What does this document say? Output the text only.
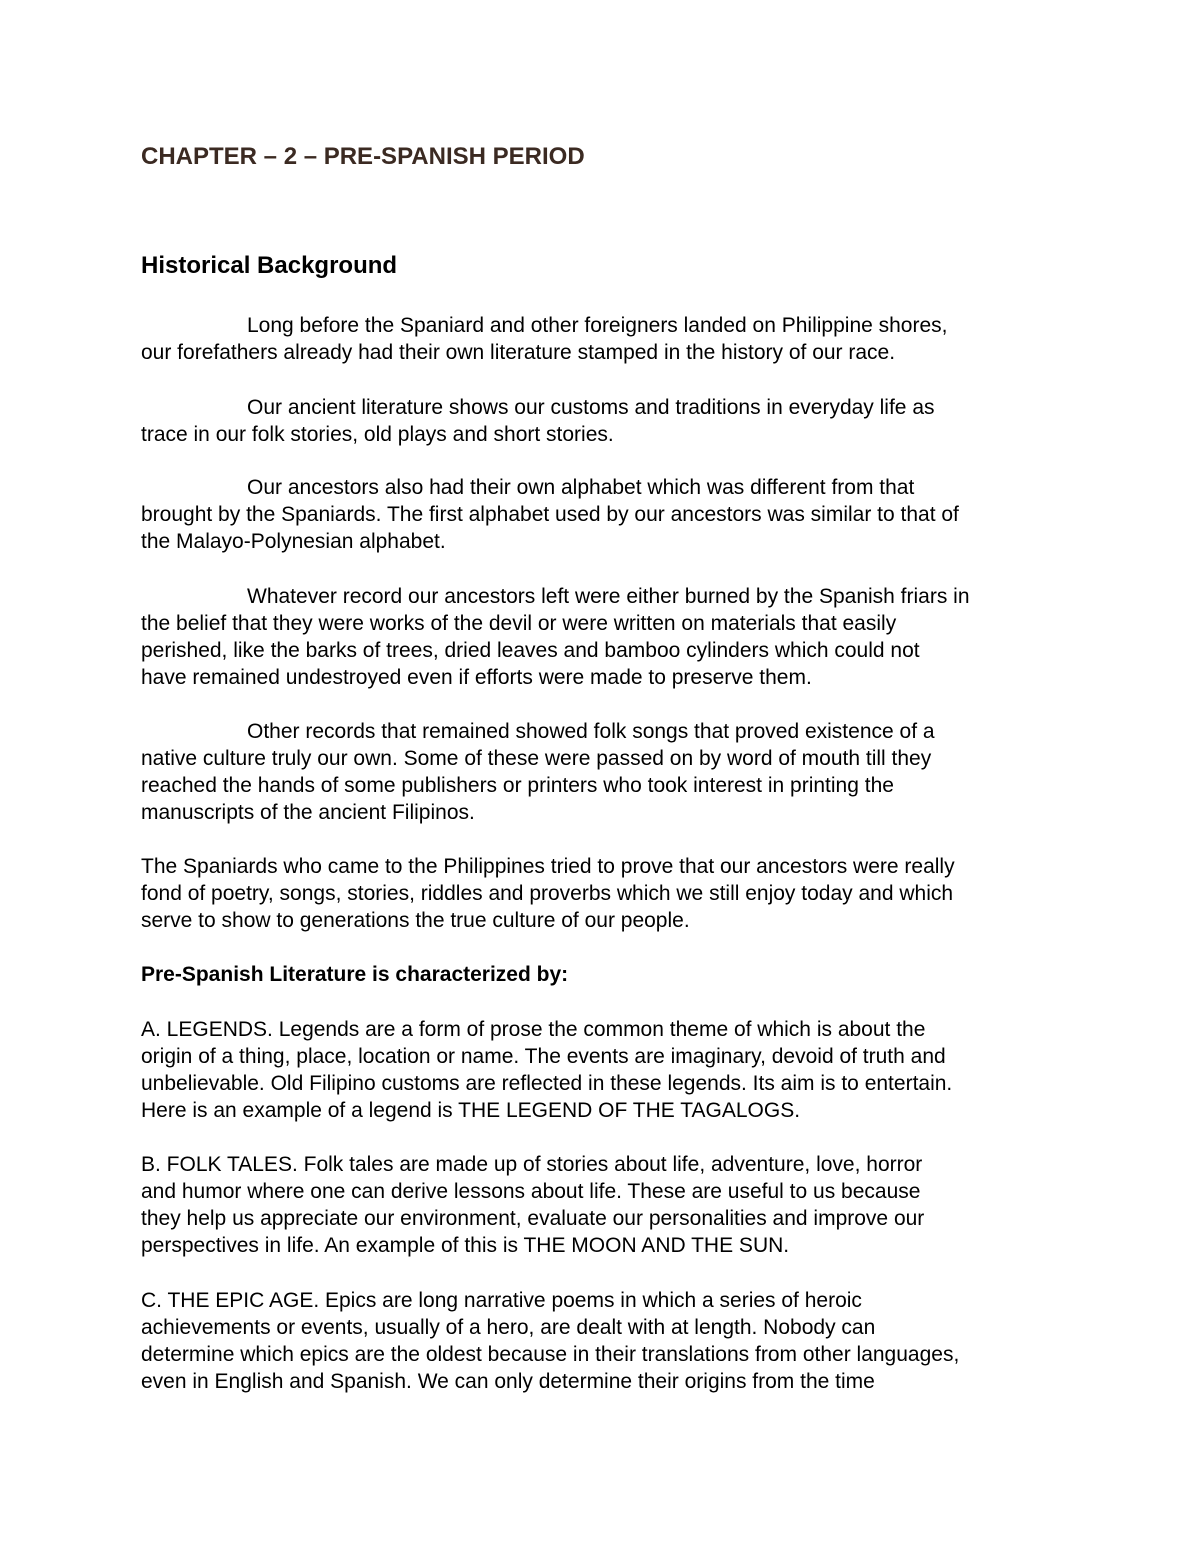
CHAPTER – 2 – PRE-SPANISH PERIOD
Historical Background

Long before the Spaniard and other foreigners landed on Philippine shores,
our forefathers already had their own literature stamped in the history of our race.

Our ancient literature shows our customs and traditions in everyday life as
trace in our folk stories, old plays and short stories.

Our ancestors also had their own alphabet which was different from that
brought by the Spaniards. The first alphabet used by our ancestors was similar to that of
the Malayo-Polynesian alphabet.

Whatever record our ancestors left were either burned by the Spanish friars in
the belief that they were works of the devil or were written on materials that easily
perished, like the barks of trees, dried leaves and bamboo cylinders which could not
have remained undestroyed even if efforts were made to preserve them.

Other records that remained showed folk songs that proved existence of a
native culture truly our own. Some of these were passed on by word of mouth till they
reached the hands of some publishers or printers who took interest in printing the
manuscripts of the ancient Filipinos.

The Spaniards who came to the Philippines tried to prove that our ancestors were really
fond of poetry, songs, stories, riddles and proverbs which we still enjoy today and which
serve to show to generations the true culture of our people.

Pre-Spanish Literature is characterized by:

A. LEGENDS. Legends are a form of prose the common theme of which is about the
origin of a thing, place, location or name. The events are imaginary, devoid of truth and
unbelievable. Old Filipino customs are reflected in these legends. Its aim is to entertain.
Here is an example of a legend is THE LEGEND OF THE TAGALOGS.

B. FOLK TALES. Folk tales are made up of stories about life, adventure, love, horror
and humor where one can derive lessons about life. These are useful to us because
they help us appreciate our environment, evaluate our personalities and improve our
perspectives in life. An example of this is THE MOON AND THE SUN.

C. THE EPIC AGE. Epics are long narrative poems in which a series of heroic
achievements or events, usually of a hero, are dealt with at length. Nobody can
determine which epics are the oldest because in their translations from other languages,
even in English and Spanish. We can only determine their origins from the time
